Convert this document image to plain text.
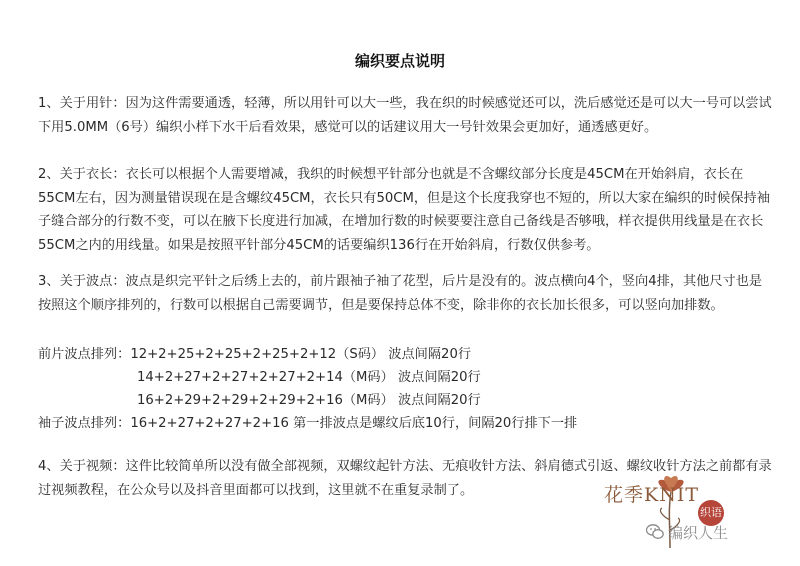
编织要点说明
1、关于用针：因为这件需要通透，轻薄，所以用针可以大一些，我在织的时候感觉还可以，洗后感觉还是可以大一号可以尝试下用5.0MM（6号）编织小样下水干后看效果，感觉可以的话建议用大一号针效果会更加好，通透感更好。
2、关于衣长：衣长可以根据个人需要增减，我织的时候想平针部分也就是不含螺纹部分长度是45CM在开始斜肩，衣长在55CM左右，因为测量错误现在是含螺纹45CM，衣长只有50CM，但是这个长度我穿也不短的，所以大家在编织的时候保持袖子缝合部分的行数不变，可以在腋下长度进行加减，在增加行数的时候要要注意自己备线是否够哦，样衣提供用线量是在衣长55CM之内的用线量。如果是按照平针部分45CM的话要编织136行在开始斜肩，行数仅供参考。
3、关于波点：波点是织完平针之后绣上去的，前片跟袖子袖了花型，后片是没有的。波点横向4个，竖向4排，其他尺寸也是按照这个顺序排列的，行数可以根据自己需要调节，但是要保持总体不变，除非你的衣长加长很多，可以竖向加排数。
前片波点排列：12+2+25+2+25+2+25+2+12（S码） 波点间隔20行
14+2+27+2+27+2+27+2+14（M码） 波点间隔20行
16+2+29+2+29+2+29+2+16（M码） 波点间隔20行
袖子波点排列：16+2+27+2+27+2+16 第一排波点是螺纹后底10行，间隔20行排下一排
4、关于视频：这件比较简单所以没有做全部视频，双螺纹起针方法、无痕收针方法、斜肩德式引返、螺纹收针方法之前都有录过视频教程，在公众号以及抖音里面都可以找到，这里就不在重复录制了。	花季KNIT
织语
编织人生
